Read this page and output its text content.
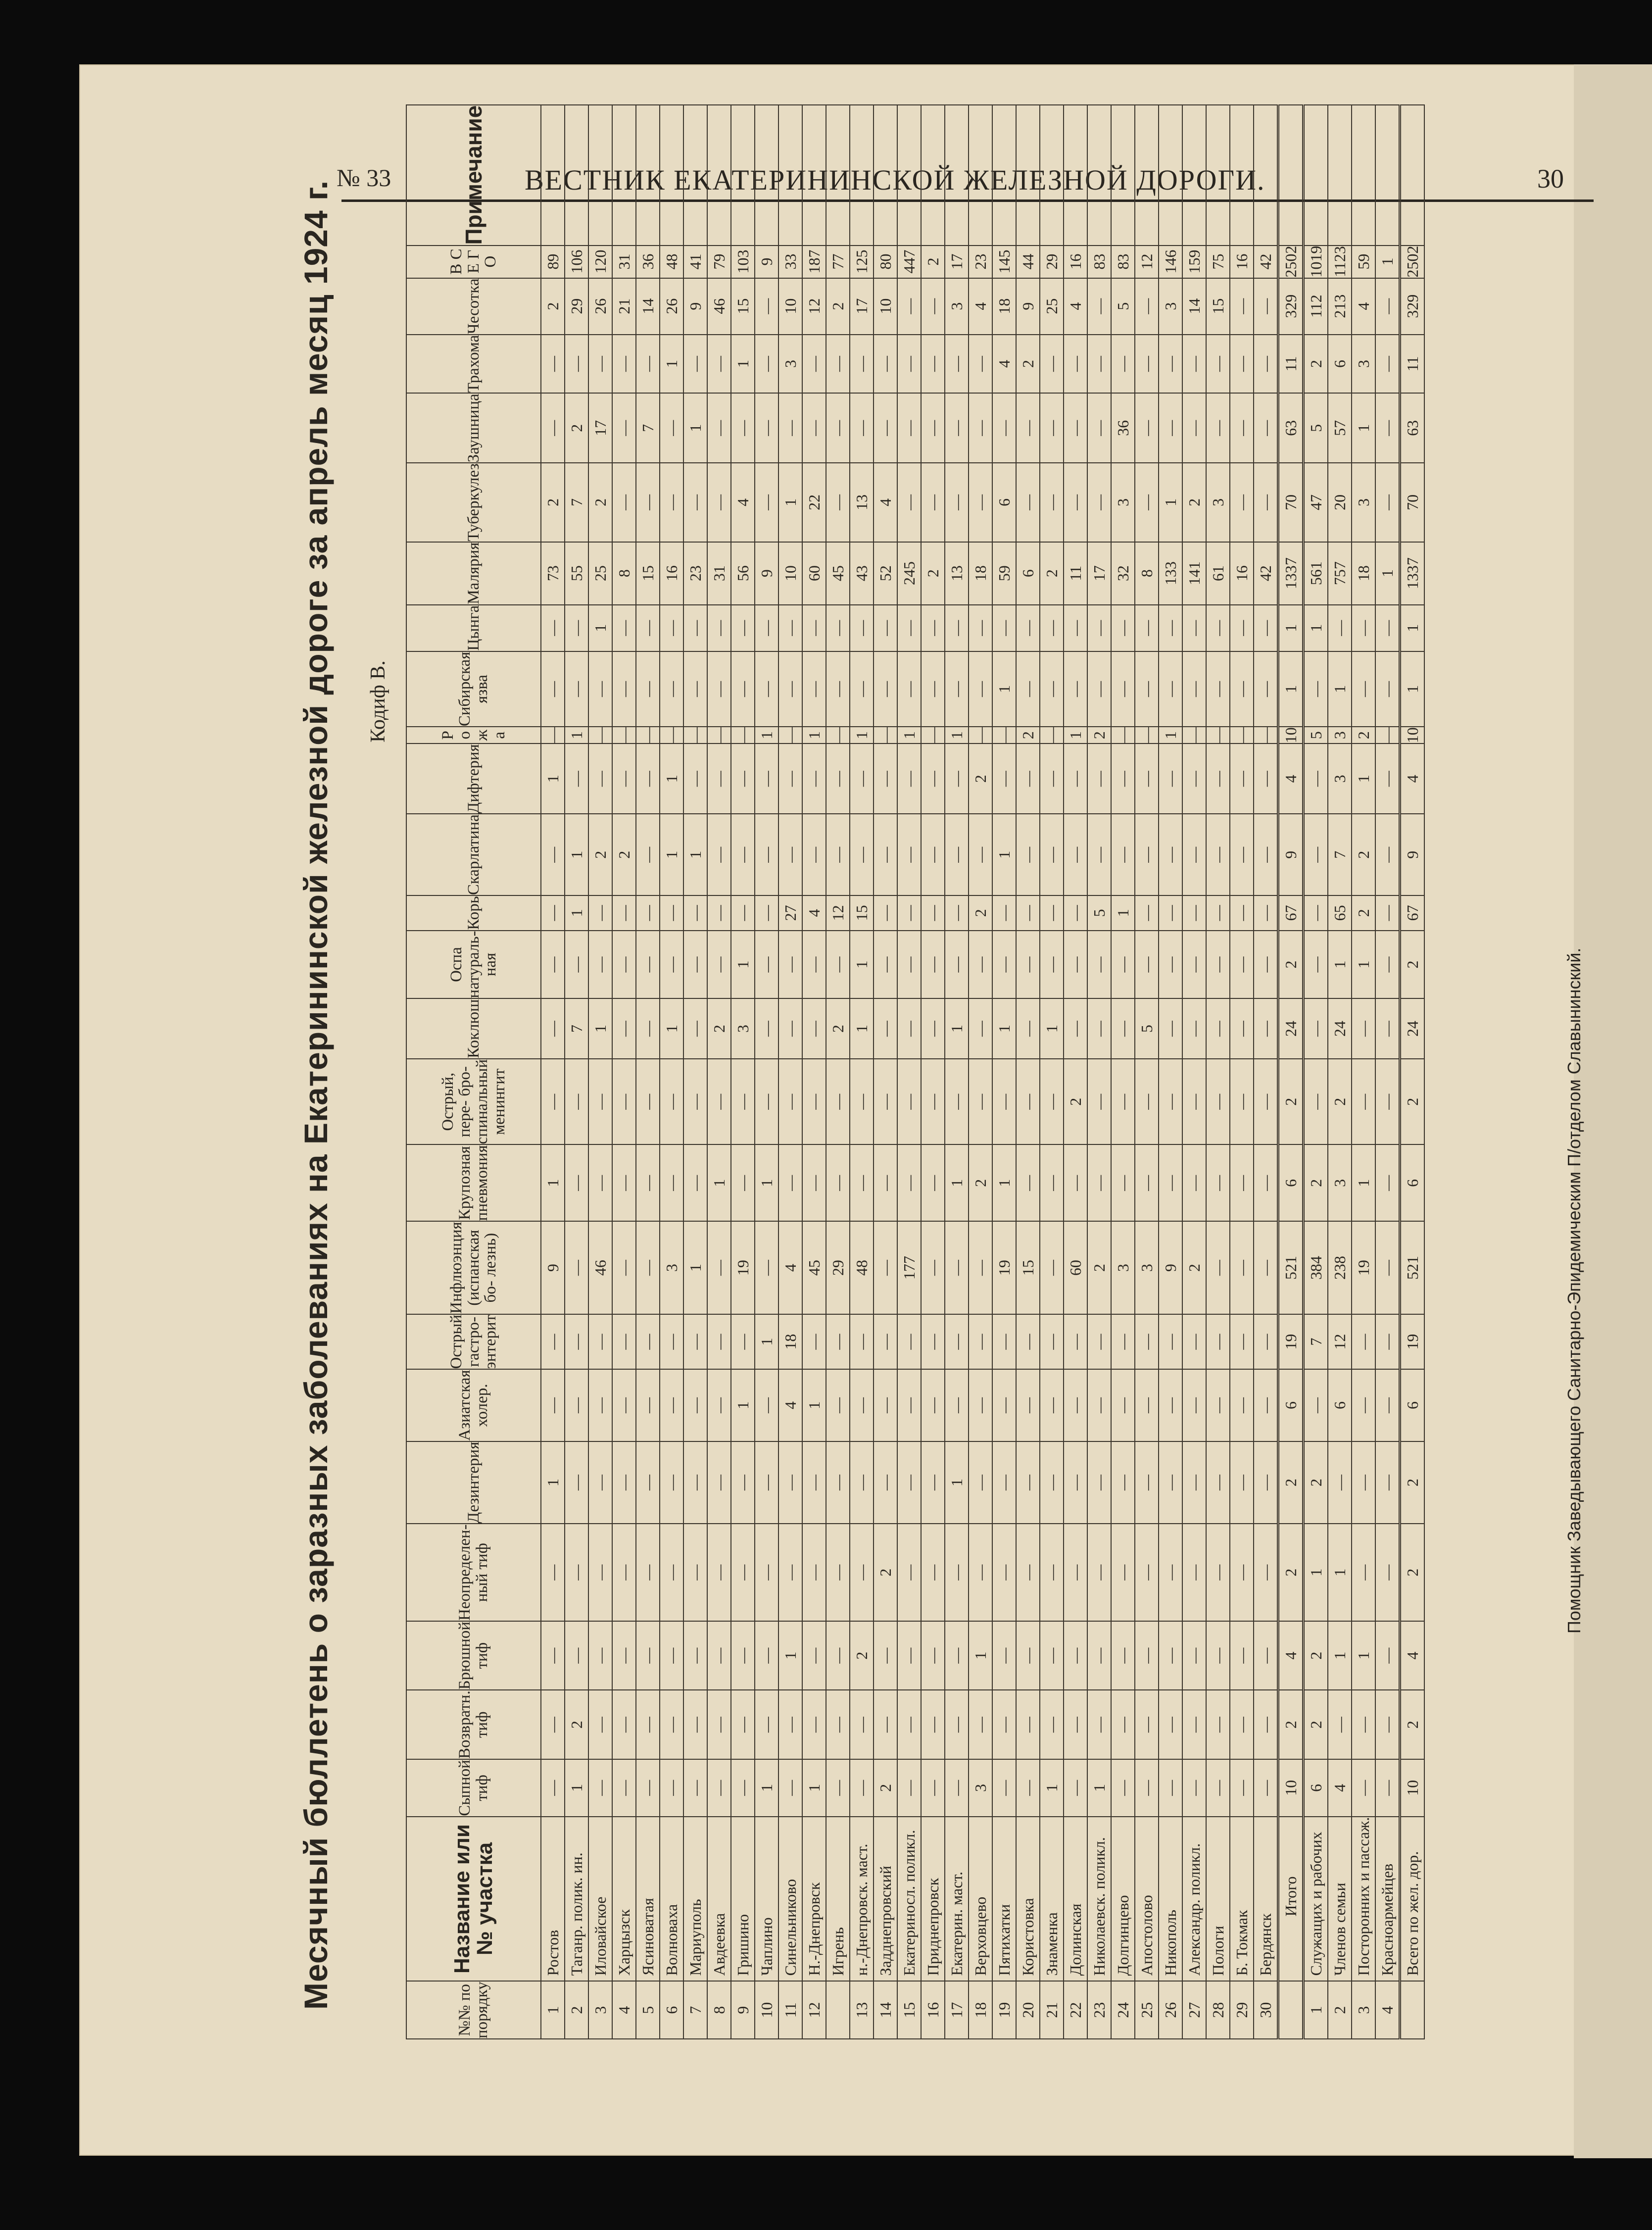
№ 33	ВЕСТНИК ЕКАТЕРИНИНСКОЙ ЖЕЛЕЗНОЙ ДОРОГИ.	30
Месячный бюллетень о заразных заболеваниях на Екатерининской железной дороге за апрель месяц 1924 г. Кодиф В.
№№ по порядку	Название или № участка	Сыпной тиф	Возвратн. тиф	Брюшной тиф	Неопределен- ный тиф	Дезинтерия	Азиатская холер.	Острый гастро- энтерит	Инфлюэнция (испанская бо- лезнь)	Крупозная пневмония	Острый, пере- бро-спинальный менингит	Коклюш	Оспа натураль- ная	Корь	Скарлатина	Дифтерия	Р о ж а	Сибирская язва	Цынга	Малярия	Туберкулез	Заушница	Трахома	Чесотка	В С Е Г О	Примечание
1	Ростов	—	—	—	—	1	—	—	9	1	—	—	—	—	—	1	—	—	—	73	2	—	—	2	89	
2	Таганр. полик. ин.	1	2	—	—	—	—	—	—	—	—	7	—	1	1	—	1	—	—	55	7	2	—	29	106	
3	Иловайское	—	—	—	—	—	—	—	46	—	—	1	—	—	2	—	—	—	1	25	2	17	—	26	120	
4	Харцызск	—	—	—	—	—	—	—	—	—	—	—	—	—	2	—	—	—	—	8	—	—	—	21	31	
5	Ясиноватая	—	—	—	—	—	—	—	—	—	—	—	—	—	—	—	—	—	—	15	—	7	—	14	36	
6	Волноваха	—	—	—	—	—	—	—	3	—	—	1	—	—	1	1	—	—	—	16	—	—	1	26	48	
7	Мариуполь	—	—	—	—	—	—	—	1	—	—	—	—	—	1	—	—	—	—	23	—	1	—	9	41	
8	Авдеевка	—	—	—	—	—	—	—	—	1	—	2	—	—	—	—	—	—	—	31	—	—	—	46	79	
9	Гришино	—	—	—	—	—	1	—	19	—	—	3	1	—	—	—	—	—	—	56	4	—	1	15	103	
10	Чаплино	1	—	—	—	—	—	1	—	1	—	—	—	—	—	—	1	—	—	9	—	—	—	—	9	
11	Синельниково	—	—	1	—	—	4	18	4	—	—	—	—	27	—	—	—	—	—	10	1	—	3	10	33	
12	Н.-Днепровск	1	—	—	—	—	1	—	45	—	—	—	—	4	—	—	1	—	—	60	22	—	—	12	187	
	Игрень	—	—	—	—	—	—	—	29	—	—	2	—	12	—	—	—	—	—	45	—	—	—	2	77	
13	н.-Днепровск. маст.	—	—	2	—	—	—	—	48	—	—	1	1	15	—	—	1	—	—	43	13	—	—	17	125	
14	Задднепровский	2	—	—	2	—	—	—	—	—	—	—	—	—	—	—	—	—	—	52	4	—	—	10	80	
15	Екатериносл. поликл.	—	—	—	—	—	—	—	177	—	—	—	—	—	—	—	1	—	—	245	—	—	—	—	447	
16	Приднепровск	—	—	—	—	—	—	—	—	—	—	—	—	—	—	—	—	—	—	2	—	—	—	—	2	
17	Екатерин. маст.	—	—	—	—	1	—	—	—	1	—	1	—	—	—	—	1	—	—	13	—	—	—	3	17	
18	Верховцево	3	—	1	—	—	—	—	—	2	—	—	—	2	—	2	—	—	—	18	—	—	—	4	23	
19	Пятихатки	—	—	—	—	—	—	—	19	1	—	1	—	—	1	—	—	1	—	59	6	—	4	18	145	
20	Користовка	—	—	—	—	—	—	—	15	—	—	—	—	—	—	—	2	—	—	6	—	—	2	9	44	
21	Знаменка	1	—	—	—	—	—	—	—	—	—	1	—	—	—	—	—	—	—	2	—	—	—	25	29	
22	Долинская	—	—	—	—	—	—	—	60	—	2	—	—	—	—	—	1	—	—	11	—	—	—	4	16	
23	Николаевск. поликл.	1	—	—	—	—	—	—	2	—	—	—	—	5	—	—	2	—	—	17	—	—	—	—	83	
24	Долгинцево	—	—	—	—	—	—	—	3	—	—	—	—	1	—	—	—	—	—	32	3	36	—	5	83	
25	Апостолово	—	—	—	—	—	—	—	3	—	—	5	—	—	—	—	—	—	—	8	—	—	—	—	12	
26	Никополь	—	—	—	—	—	—	—	9	—	—	—	—	—	—	—	1	—	—	133	1	—	—	3	146	
27	Александр. поликл.	—	—	—	—	—	—	—	2	—	—	—	—	—	—	—	—	—	—	141	2	—	—	14	159	
28	Пологи	—	—	—	—	—	—	—	—	—	—	—	—	—	—	—	—	—	—	61	3	—	—	15	75	
29	Б. Токмак	—	—	—	—	—	—	—	—	—	—	—	—	—	—	—	—	—	—	16	—	—	—	—	16	
30	Бердянск	—	—	—	—	—	—	—	—	—	—	—	—	—	—	—	—	—	—	42	—	—	—	—	42	
	Итого	10	2	4	2	2	6	19	521	6	2	24	2	67	9	4	10	1	1	1337	70	63	11	329	2502	
1	Служащих и рабочих	6	2	2	1	2	—	7	384	2	—	—	—	—	—	—	5	—	1	561	47	5	2	112	1019	
2	Членов семьи	4	—	1	1	—	6	12	238	3	2	24	1	65	7	3	3	1	—	757	20	57	6	213	1123	
3	Посторонних и пассаж.	—	—	1	—	—	—	—	19	1	—	—	1	2	2	1	2	—	—	18	3	1	3	4	59	
4	Красноармейцев	—	—	—	—	—	—	—	—	—	—	—	—	—	—	—	—	—	—	1	—	—	—	—	1	
	Всего по жел. дор.	10	2	4	2	2	6	19	521	6	2	24	2	67	9	4	10	1	1	1337	70	63	11	329	2502	
Помощник Заведывающего Санитарно-Эпидемическим П/отделом Славынинский.
